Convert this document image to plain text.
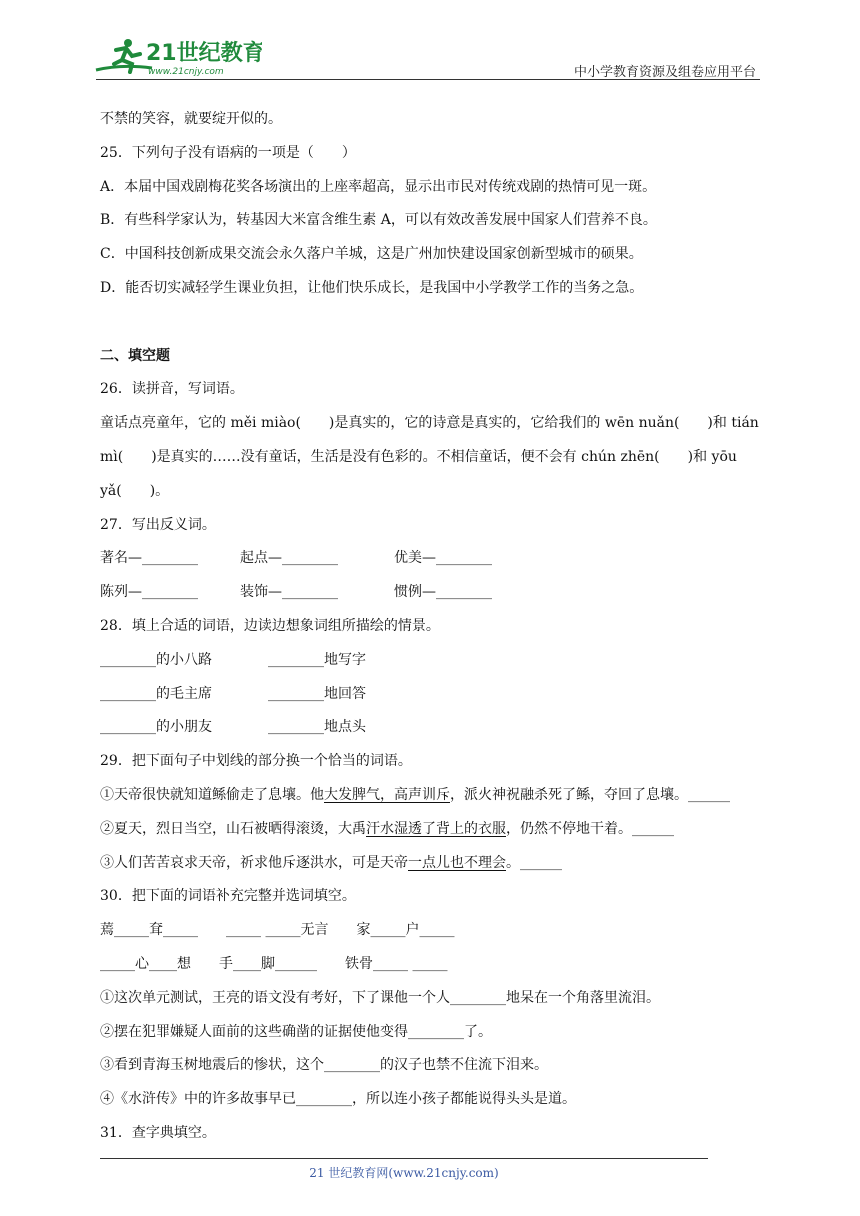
21世纪教育
www.21cnjy.com	中小学教育资源及组卷应用平台
不禁的笑容，就要绽开似的。
25．下列句子没有语病的一项是（　　）
A．本届中国戏剧梅花奖各场演出的上座率超高，显示出市民对传统戏剧的热情可见一斑。
B．有些科学家认为，转基因大米富含维生素 A，可以有效改善发展中国家人们营养不良。
C．中国科技创新成果交流会永久落户羊城，这是广州加快建设国家创新型城市的硕果。
D．能否切实减轻学生课业负担，让他们快乐成长，是我国中小学教学工作的当务之急。
二、填空题
26．读拼音，写词语。
童话点亮童年，它的 měi miào(　　)是真实的，它的诗意是真实的，它给我们的 wēn nuǎn(　　)和 tián
mì(　　)是真实的……没有童话，生活是没有色彩的。不相信童话，便不会有 chún zhēn(　　)和 yōu
yǎ(　　)。
27．写出反义词。
著名—________　　　起点—________　　　　优美—________
陈列—________　　　装饰—________　　　　惯例—________
28．填上合适的词语，边读边想象词组所描绘的情景。
________的小八路　　　　________地写字
________的毛主席　　　　________地回答
________的小朋友　　　　________地点头
29．把下面句子中划线的部分换一个恰当的词语。
①天帝很快就知道鲧偷走了息壤。他大发脾气，高声训斥，派火神祝融杀死了鲧，夺回了息壤。______
②夏天，烈日当空，山石被晒得滚烫，大禹汗水湿透了背上的衣服，仍然不停地干着。______
③人们苦苦哀求天帝，祈求他斥逐洪水，可是天帝一点儿也不理会。______
30．把下面的词语补充完整并选词填空。
蔫_____耷_____　　_____ _____无言　　家_____户_____
_____心____想　　手____脚______　　铁骨_____ _____
①这次单元测试，王亮的语文没有考好，下了课他一个人________地呆在一个角落里流泪。
②摆在犯罪嫌疑人面前的这些确凿的证据使他变得________了。
③看到青海玉树地震后的惨状，这个________的汉子也禁不住流下泪来。
④《水浒传》中的许多故事早已________，所以连小孩子都能说得头头是道。
31．查字典填空。
21 世纪教育网(www.21cnjy.com)
